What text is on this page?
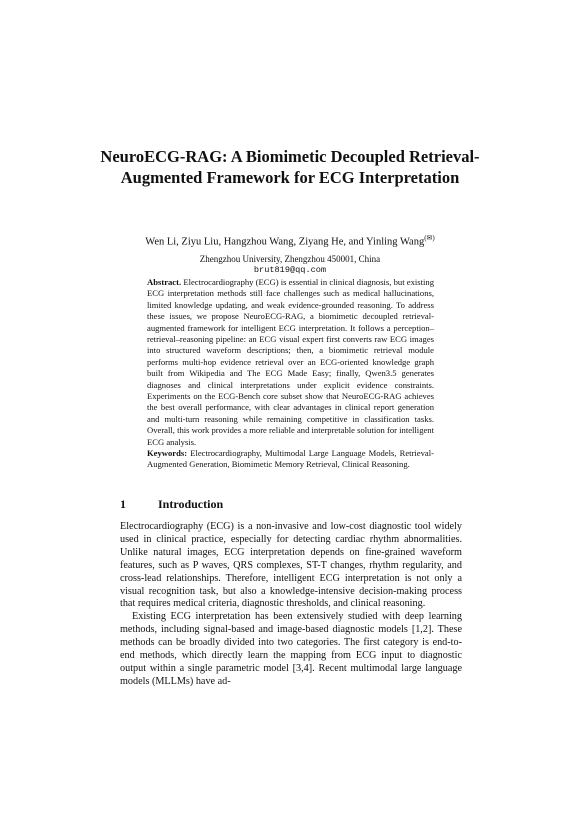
NeuroECG-RAG: A Biomimetic Decoupled Retrieval-Augmented Framework for ECG Interpretation
Wen Li, Ziyu Liu, Hangzhou Wang, Ziyang He, and Yinling Wang(✉)
Zhengzhou University, Zhengzhou 450001, China
brut819@qq.com
Abstract. Electrocardiography (ECG) is essential in clinical diagnosis, but existing ECG interpretation methods still face challenges such as medical hallucinations, limited knowledge updating, and weak evidence-grounded reasoning. To address these issues, we propose NeuroECG-RAG, a biomimetic decoupled retrieval-augmented framework for intelligent ECG interpretation. It follows a perception–retrieval–reasoning pipeline: an ECG visual expert first converts raw ECG images into structured waveform descriptions; then, a biomimetic retrieval module performs multi-hop evidence retrieval over an ECG-oriented knowledge graph built from Wikipedia and The ECG Made Easy; finally, Qwen3.5 generates diagnoses and clinical interpretations under explicit evidence constraints. Experiments on the ECG-Bench core subset show that NeuroECG-RAG achieves the best overall performance, with clear advantages in clinical report generation and multi-turn reasoning while remaining competitive in classification tasks. Overall, this work provides a more reliable and interpretable solution for intelligent ECG analysis.
Keywords: Electrocardiography, Multimodal Large Language Models, Retrieval-Augmented Generation, Biomimetic Memory Retrieval, Clinical Reasoning.
1	Introduction

Electrocardiography (ECG) is a non-invasive and low-cost diagnostic tool widely used in clinical practice, especially for detecting cardiac rhythm abnormalities. Unlike natural images, ECG interpretation depends on fine-grained waveform features, such as P waves, QRS complexes, ST-T changes, rhythm regularity, and cross-lead relationships. Therefore, intelligent ECG interpretation is not only a visual recognition task, but also a knowledge-intensive decision-making process that requires medical criteria, diagnostic thresholds, and clinical reasoning.

Existing ECG interpretation has been extensively studied with deep learning methods, including signal-based and image-based diagnostic models [1,2]. These methods can be broadly divided into two categories. The first category is end-to-end methods, which directly learn the mapping from ECG input to diagnostic output within a single parametric model [3,4]. Recent multimodal large language models (MLLMs) have ad-
